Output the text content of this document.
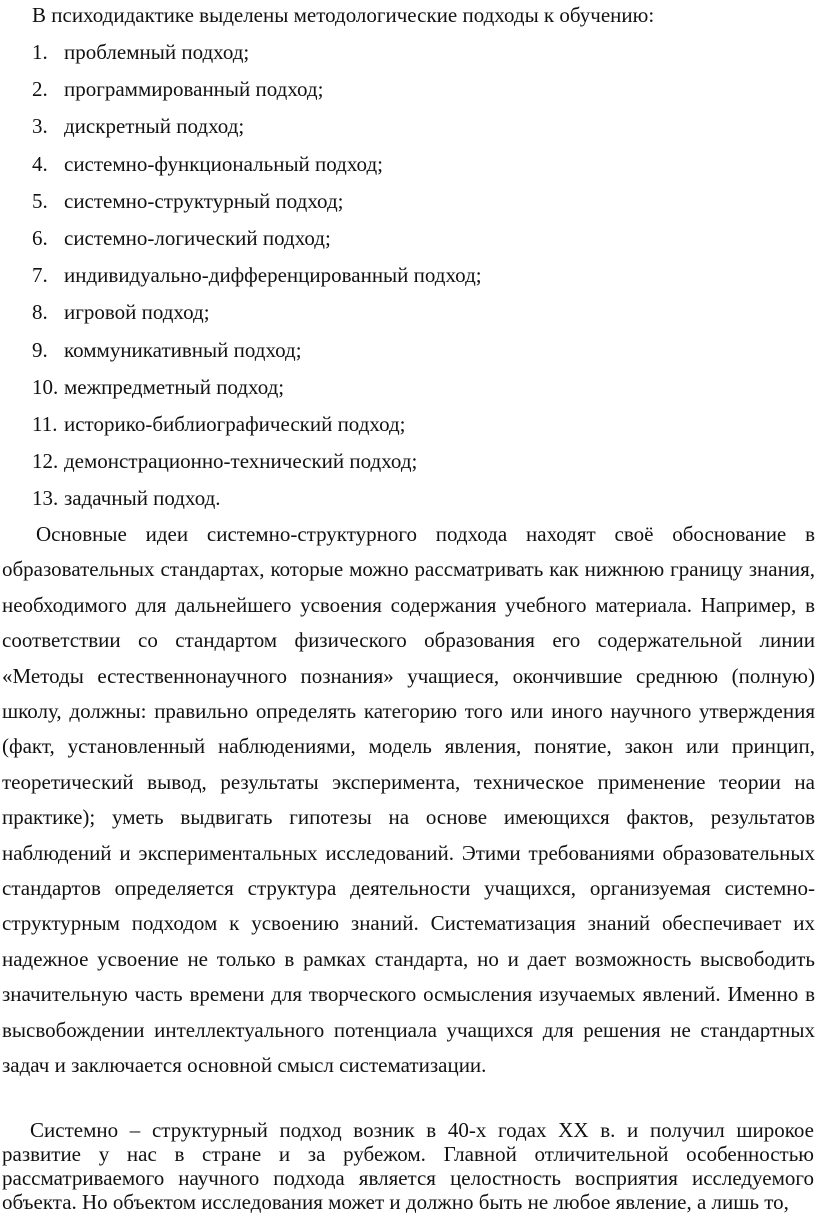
В психодидактике выделены методологические подходы к обучению:
1. проблемный подход;
2. программированный подход;
3. дискретный подход;
4. системно-функциональный подход;
5. системно-структурный подход;
6. системно-логический подход;
7. индивидуально-дифференцированный подход;
8. игровой подход;
9. коммуникативный подход;
10. межпредметный подход;
11. историко-библиографический подход;
12. демонстрационно-технический подход;
13. задачный подход.

Основные идеи системно-структурного подхода находят своё обоснование в образовательных стандартах, которые можно рассматривать как нижнюю границу знания, необходимого для дальнейшего усвоения содержания учебного материала. Например, в соответствии со стандартом физического образования его содержательной линии «Методы естественнонаучного познания» учащиеся, окончившие среднюю (полную) школу, должны: правильно определять категорию того или иного научного утверждения (факт, установленный наблюдениями, модель явления, понятие, закон или принцип, теоретический вывод, результаты эксперимента, техническое применение теории на практике); уметь выдвигать гипотезы на основе имеющихся фактов, результатов наблюдений и экспериментальных исследований. Этими требованиями образовательных стандартов определяется структура деятельности учащихся, организуемая системно-структурным подходом к усвоению знаний. Систематизация знаний обеспечивает их надежное усвоение не только в рамках стандарта, но и дает возможность высвободить значительную часть времени для творческого осмысления изучаемых явлений. Именно в высвобождении интеллектуального потенциала учащихся для решения не стандартных задач и заключается основной смысл систематизации.

Системно – структурный подход возник в 40-х годах XX в. и получил широкое развитие у нас в стране и за рубежом. Главной отличительной особенностью рассматриваемого научного подхода является целостность восприятия исследуемого объекта. Но объектом исследования может и должно быть не любое явление, а лишь то,
